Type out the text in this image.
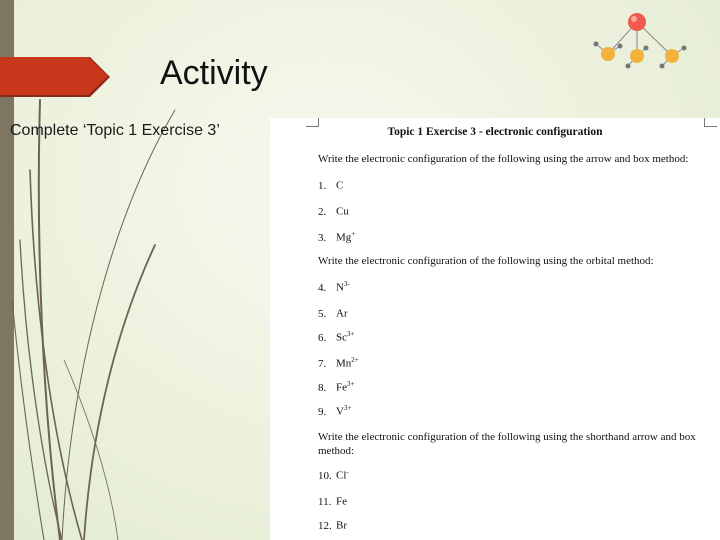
Activity
Complete ‘Topic 1 Exercise 3’	Topic 1 Exercise 3 - electronic configuration
Write the electronic configuration of the following using the arrow and box method:
1. C
2. Cu
3. Mg+
Write the electronic configuration of the following using the orbital method:
4. $N^{3-}$
5. Ar
6. $Sc^{3+}$
7. $Mn^{2+}$
8. $Fe^{3+}$
9. $V^{3+}$
Write the electronic configuration of the following using the shorthand arrow and box method:
10. Cl-
11. Fe
12. Br
